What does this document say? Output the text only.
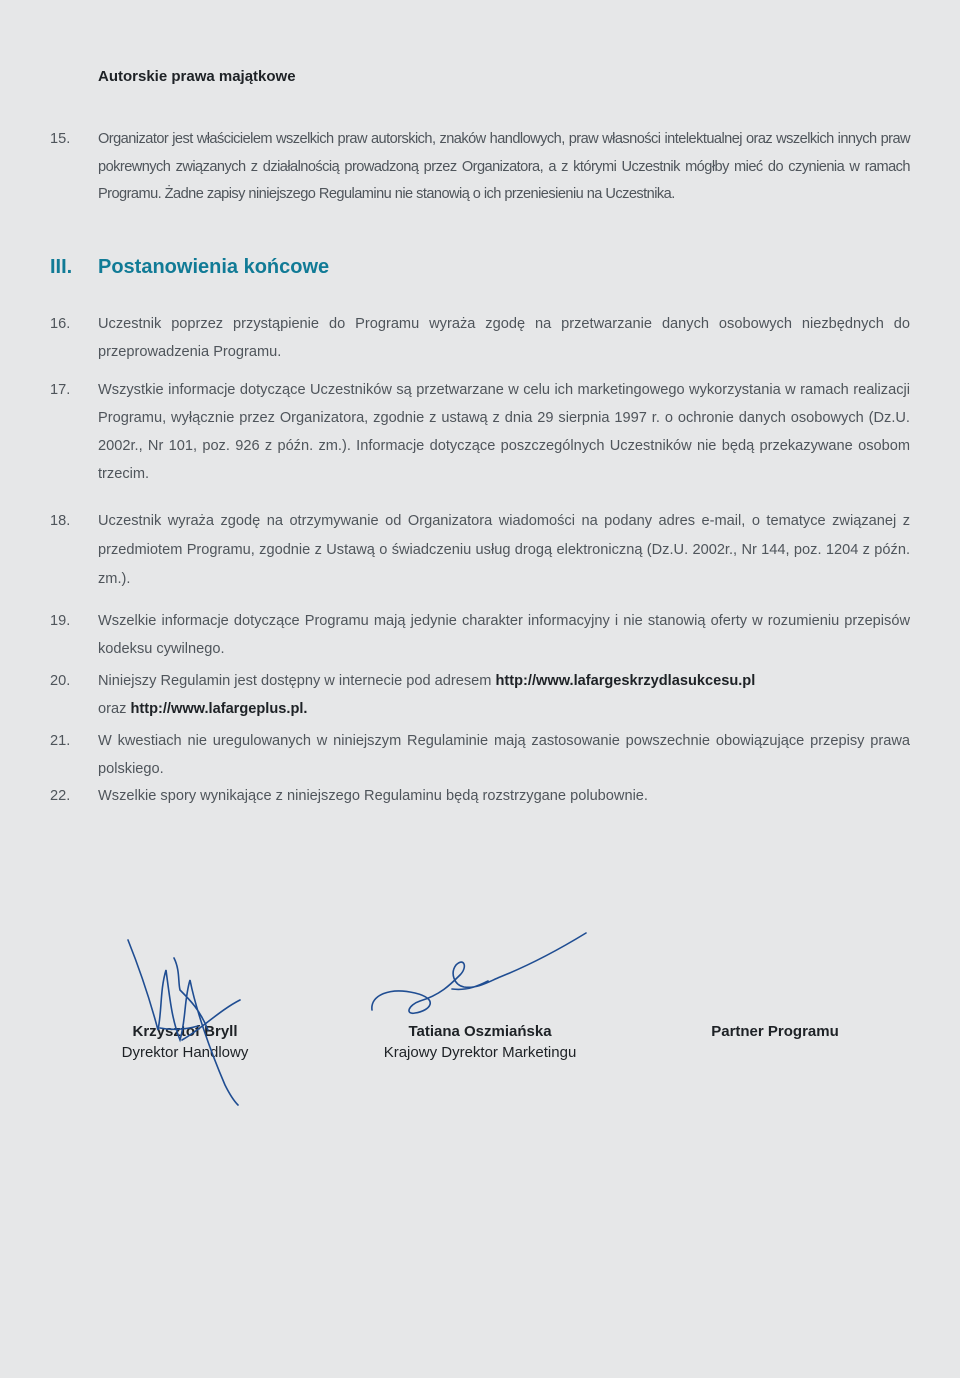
Autorskie prawa majątkowe
15.	Organizator jest właścicielem wszelkich praw autorskich, znaków handlowych, praw własności intelektualnej oraz wszelkich innych praw pokrewnych związanych z działalnością prowadzoną przez Organizatora, a z którymi Uczestnik mógłby mieć do czynienia w ramach Programu. Żadne zapisy niniejszego Regulaminu nie stanowią o ich przeniesieniu na Uczestnika.
III. Postanowienia końcowe
16.	Uczestnik poprzez przystąpienie do Programu wyraża zgodę na przetwarzanie danych osobowych niezbędnych do przeprowadzenia Programu.
17.	Wszystkie informacje dotyczące Uczestników są przetwarzane w celu ich marketingowego wykorzystania w ramach realizacji Programu, wyłącznie przez Organizatora, zgodnie z ustawą z dnia 29 sierpnia 1997 r. o ochronie danych osobowych (Dz.U. 2002r., Nr 101, poz. 926 z późn. zm.). Informacje dotyczące poszczególnych Uczestników nie będą przekazywane osobom trzecim.
18.	Uczestnik wyraża zgodę na otrzymywanie od Organizatora wiadomości na podany adres e-mail, o tematyce związanej z przedmiotem Programu, zgodnie z Ustawą o świadczeniu usług drogą elektroniczną (Dz.U. 2002r., Nr 144, poz. 1204 z późn. zm.).
19.	Wszelkie informacje dotyczące Programu mają jedynie charakter informacyjny i nie stanowią oferty w rozumieniu przepisów kodeksu cywilnego.
20.	Niniejszy Regulamin jest dostępny w internecie pod adresem http://www.lafargeskrzydlasukcesu.pl
oraz http://www.lafargeplus.pl.
21.	W kwestiach nie uregulowanych w niniejszym Regulaminie mają zastosowanie powszechnie obowiązujące przepisy prawa polskiego.
22.	Wszelkie spory wynikające z niniejszego Regulaminu będą rozstrzygane polubownie.
Krzysztof Bryll
Dyrektor Handlowy
Tatiana Oszmiańska
Krajowy Dyrektor Marketingu
Partner Programu
